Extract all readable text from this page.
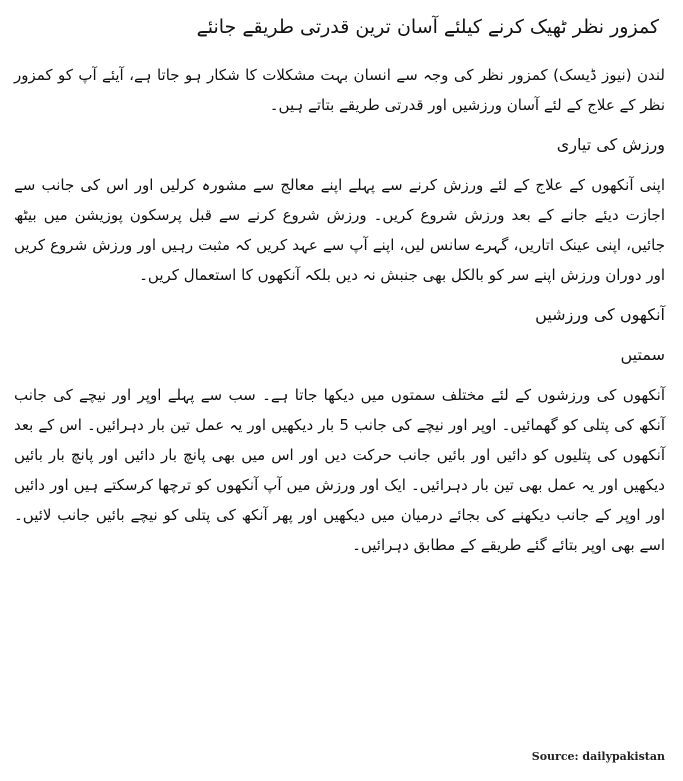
کمزور نظر ٹھیک کرنے کیلئے آسان ترین قدرتی طریقے جانئے

لندن (نیوز ڈیسک) کمزور نظر کی وجہ سے انسان بہت مشکلات کا شکار ہو جاتا ہے، آیئے آپ کو کمزور نظر کے علاج کے لئے آسان ورزشیں اور قدرتی طریقے بتاتے ہیں۔

ورزش کی تیاری

اپنی آنکھوں کے علاج کے لئے ورزش کرنے سے پہلے اپنے معالج سے مشورہ کرلیں اور اس کی جانب سے اجازت دیئے جانے کے بعد ورزش شروع کریں۔ ورزش شروع کرنے سے قبل پرسکون پوزیشن میں بیٹھ جائیں، اپنی عینک اتاریں، گہرے سانس لیں، اپنے آپ سے عہد کریں کہ مثبت رہیں اور ورزش شروع کریں اور دوران ورزش اپنے سر کو بالکل بھی جنبش نہ دیں بلکہ آنکھوں کا استعمال کریں۔

آنکھوں کی ورزشیں
سمتیں

آنکھوں کی ورزشوں کے لئے مختلف سمتوں میں دیکھا جاتا ہے۔ سب سے پہلے اوپر اور نیچے کی جانب آنکھ کی پتلی کو گھمائیں۔ اوپر اور نیچے کی جانب 5 بار دیکھیں اور یہ عمل تین بار دہرائیں۔ اس کے بعد آنکھوں کی پتلیوں کو دائیں اور بائیں جانب حرکت دیں اور اس میں بھی پانچ بار دائیں اور پانچ بار بائیں دیکھیں اور یہ عمل بھی تین بار دہرائیں۔ ایک اور ورزش میں آپ آنکھوں کو ترچھا کرسکتے ہیں اور دائیں اور اوپر کے جانب دیکھنے کی بجائے درمیان میں دیکھیں اور پھر آنکھ کی پتلی کو نیچے بائیں جانب لائیں۔ اسے بھی اوپر بتائے گئے طریقے کے مطابق دہرائیں۔

Source: dailypakistan
